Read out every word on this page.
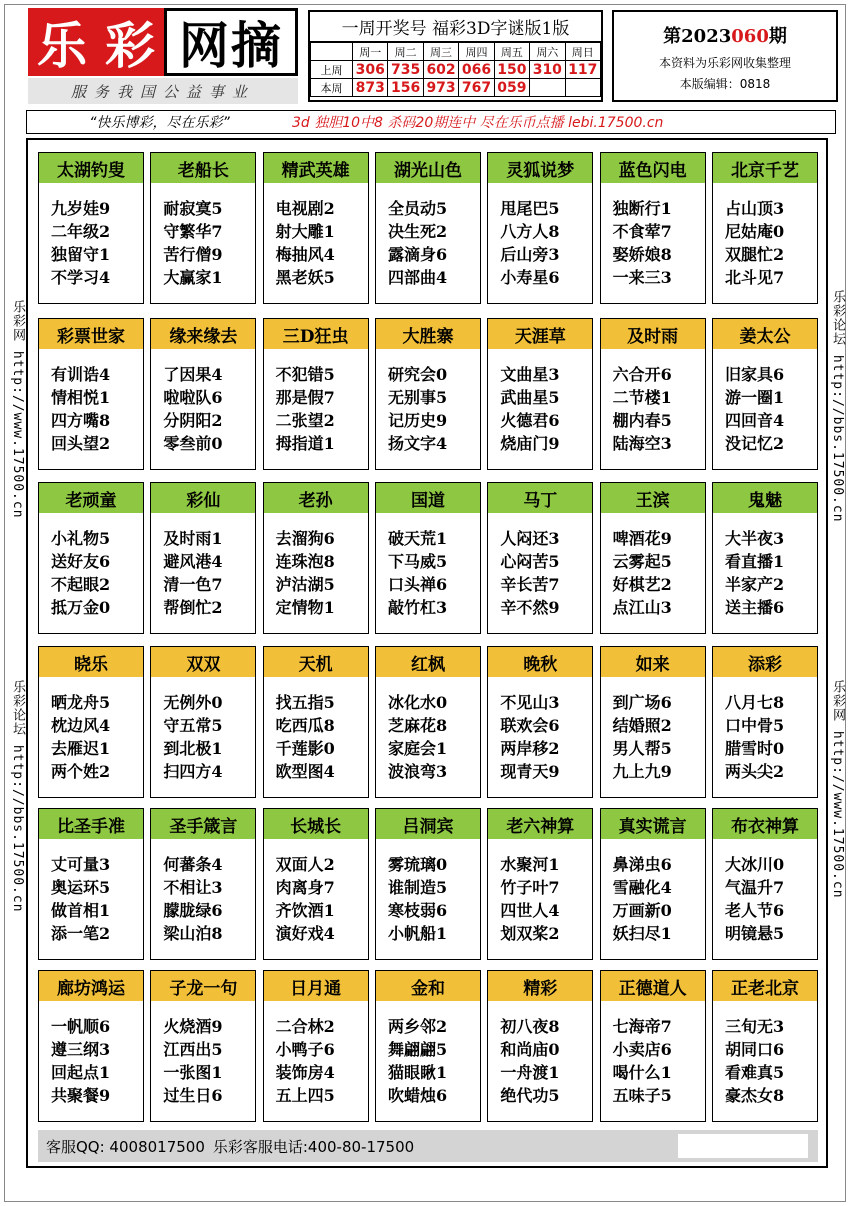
乐 彩 网摘
服务我国公益事业
一周开奖号 福彩3D字谜版1版
	周一	周二	周三	周四	周五	周六	周日
上周	306	735	602	066	150	310	117
本周	873	156	973	767	059		
第2023060期
本资料为乐彩网收集整理
本版编辑：0818
“快乐博彩，尽在乐彩”	3d 独胆10中8 杀码20期连中 尽在乐币点播 lebi.17500.cn
乐彩网 http://www.17500.cn
乐彩论坛 http://bbs.17500.cn
乐彩论坛 http://bbs.17500.cn
乐彩网 http://www.17500.cn
太湖钓叟
九岁娃9
二年级2
独留守1
不学习4
老船长
耐寂寞5
守繁华7
苦行僧9
大赢家1
精武英雄
电视剧2
射大雕1
梅抽风4
黑老妖5
湖光山色
全员动5
决生死2
露滴身6
四部曲4
灵狐说梦
甩尾巴5
八方人8
后山旁3
小寿星6
蓝色闪电
独断行1
不食荤7
娶娇娘8
一来三3
北京千艺
占山顶3
尼姑庵0
双腿忙2
北斗见7
彩票世家
有训诰4
情相悦1
四方嘴8
回头望2
缘来缘去
了因果4
啦啦队6
分阴阳2
零叁前0
三D狂虫
不犯错5
那是假7
二张望2
拇指道1
大胜寨
研究会0
无别事5
记历史9
扬文字4
天涯草
文曲星3
武曲星5
火德君6
烧庙门9
及时雨
六合开6
二节楼1
棚内春5
陆海空3
姜太公
旧家具6
游一圈1
四回音4
没记忆2
老顽童
小礼物5
送好友6
不起眼2
抵万金0
彩仙
及时雨1
避风港4
清一色7
帮倒忙2
老孙
去溜狗6
连珠泡8
泸沽湖5
定情物1
国道
破天荒1
下马威5
口头禅6
敲竹杠3
马丁
人闷还3
心闷苦5
辛长苦7
辛不然9
王滨
啤酒花9
云雾起5
好棋艺2
点江山3
鬼魅
大半夜3
看直播1
半家产2
送主播6
晓乐
晒龙舟5
枕边风4
去雁迟1
两个姓2
双双
无例外0
守五常5
到北极1
扫四方4
天机
找五指5
吃西瓜8
千莲影0
欧型图4
红枫
冰化水0
芝麻花8
家庭会1
波浪弯3
晚秋
不见山3
联欢会6
两岸移2
现青天9
如来
到广场6
结婚照2
男人帮5
九上九9
添彩
八月七8
口中骨5
腊雪时0
两头尖2
比圣手准
丈可量3
奥运环5
做首相1
添一笔2
圣手箴言
何蕃条4
不相让3
朦胧绿6
梁山泊8
长城长
双面人2
肉离身7
齐饮酒1
演好戏4
吕洞宾
雾琉璃0
谁制造5
寒枝弱6
小帆船1
老六神算
水聚河1
竹子叶7
四世人4
划双桨2
真实谎言
鼻涕虫6
雪融化4
万画新0
妖扫尽1
布衣神算
大冰川0
气温升7
老人节6
明镜悬5
廊坊鸿运
一帆顺6
遵三纲3
回起点1
共聚餐9
子龙一句
火烧酒9
江西出5
一张图1
过生日6
日月通
二合林2
小鸭子6
装饰房4
五上四5
金和
两乡邻2
舞翩翩5
猫眼瞅1
吹蜡烛6
精彩
初八夜8
和尚庙0
一舟渡1
绝代功5
正德道人
七海帝7
小卖店6
喝什么1
五味子5
正老北京
三旬无3
胡同口6
看难真5
豪杰女8
客服QQ: 4008017500 乐彩客服电话:400-80-17500
